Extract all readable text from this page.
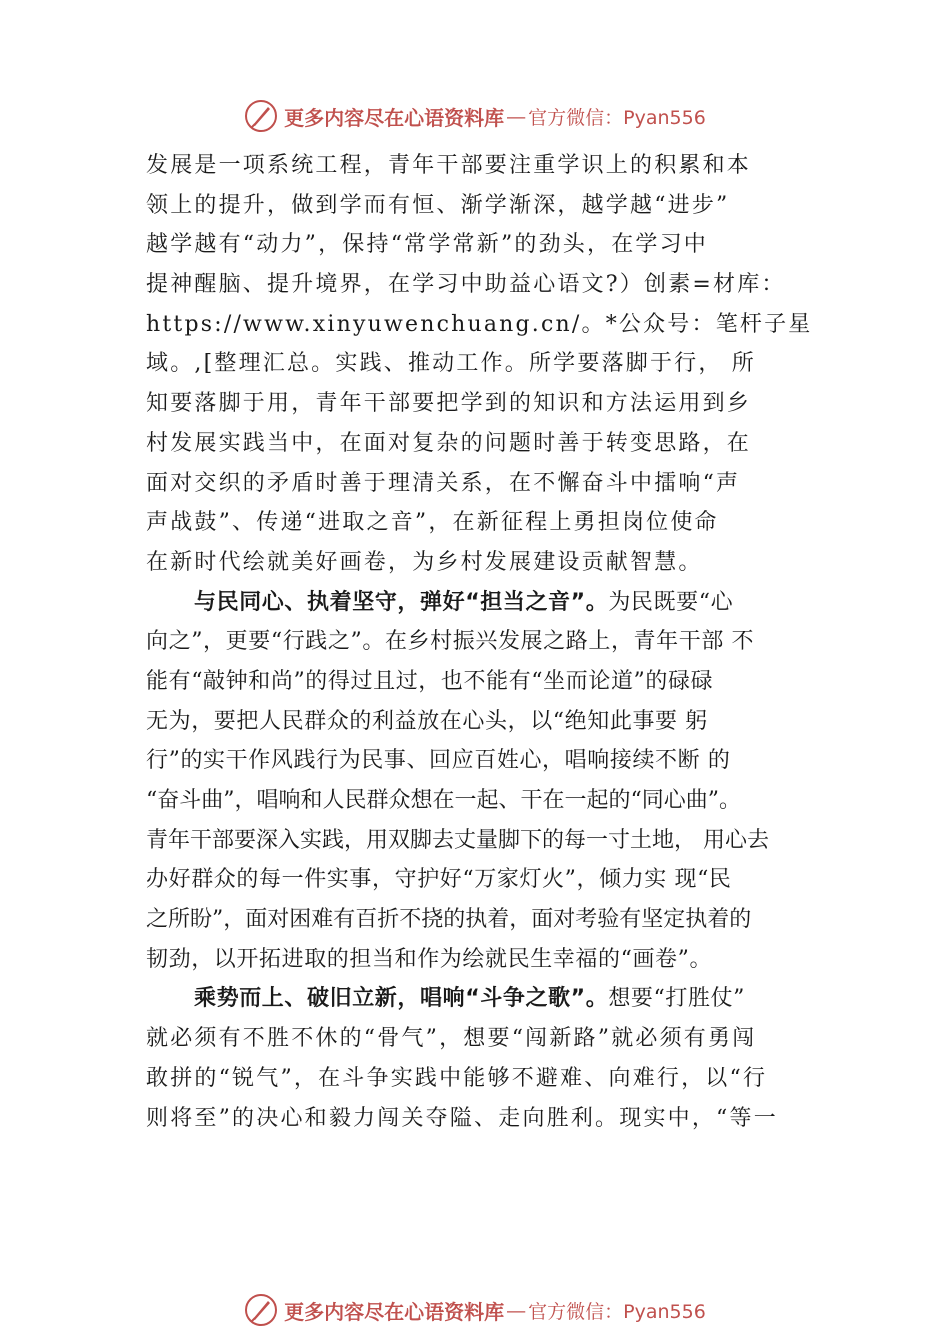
更多内容尽在心语资料库 — 官方微信：Pyan556
发展是一项系统工程，青年干部要注重学识上的积累和本
领上的提升，做到学而有恒、渐学渐深，越学越“进步”
越学越有“动力”，保持“常学常新”的劲头，在学习中
提神醒脑、提升境界，在学习中助益心语文?）创素=材库：
https://www.xinyuwenchuang.cn/。*公众号：笔杆子星
域。,[整理汇总。实践、推动工作。所学要落脚于行， 所
知要落脚于用，青年干部要把学到的知识和方法运用到乡
村发展实践当中，在面对复杂的问题时善于转变思路，在
面对交织的矛盾时善于理清关系，在不懈奋斗中擂响“声
声战鼓”、传递“进取之音”，在新征程上勇担岗位使命
在新时代绘就美好画卷，为乡村发展建设贡献智慧。
与民同心、执着坚守，弹好“担当之音”。为民既要“心
向之”，更要“行践之”。在乡村振兴发展之路上，青年干部 不
能有“敲钟和尚”的得过且过，也不能有“坐而论道”的碌碌
无为，要把人民群众的利益放在心头，以“绝知此事要 躬
行”的实干作风践行为民事、回应百姓心，唱响接续不断 的
“奋斗曲”，唱响和人民群众想在一起、干在一起的“同心曲”。
青年干部要深入实践，用双脚去丈量脚下的每一寸土地， 用心去
办好群众的每一件实事，守护好“万家灯火”，倾力实 现“民
之所盼”，面对困难有百折不挠的执着，面对考验有坚定执着的
韧劲，以开拓进取的担当和作为绘就民生幸福的“画卷”。
乘势而上、破旧立新，唱响“斗争之歌”。想要“打胜仗”
就必须有不胜不休的“骨气”，想要“闯新路”就必须有勇闯
敢拼的“锐气”，在斗争实践中能够不避难、向难行，以“行
则将至”的决心和毅力闯关夺隘、走向胜利。现实中，“等一
更多内容尽在心语资料库 — 官方微信：Pyan556
